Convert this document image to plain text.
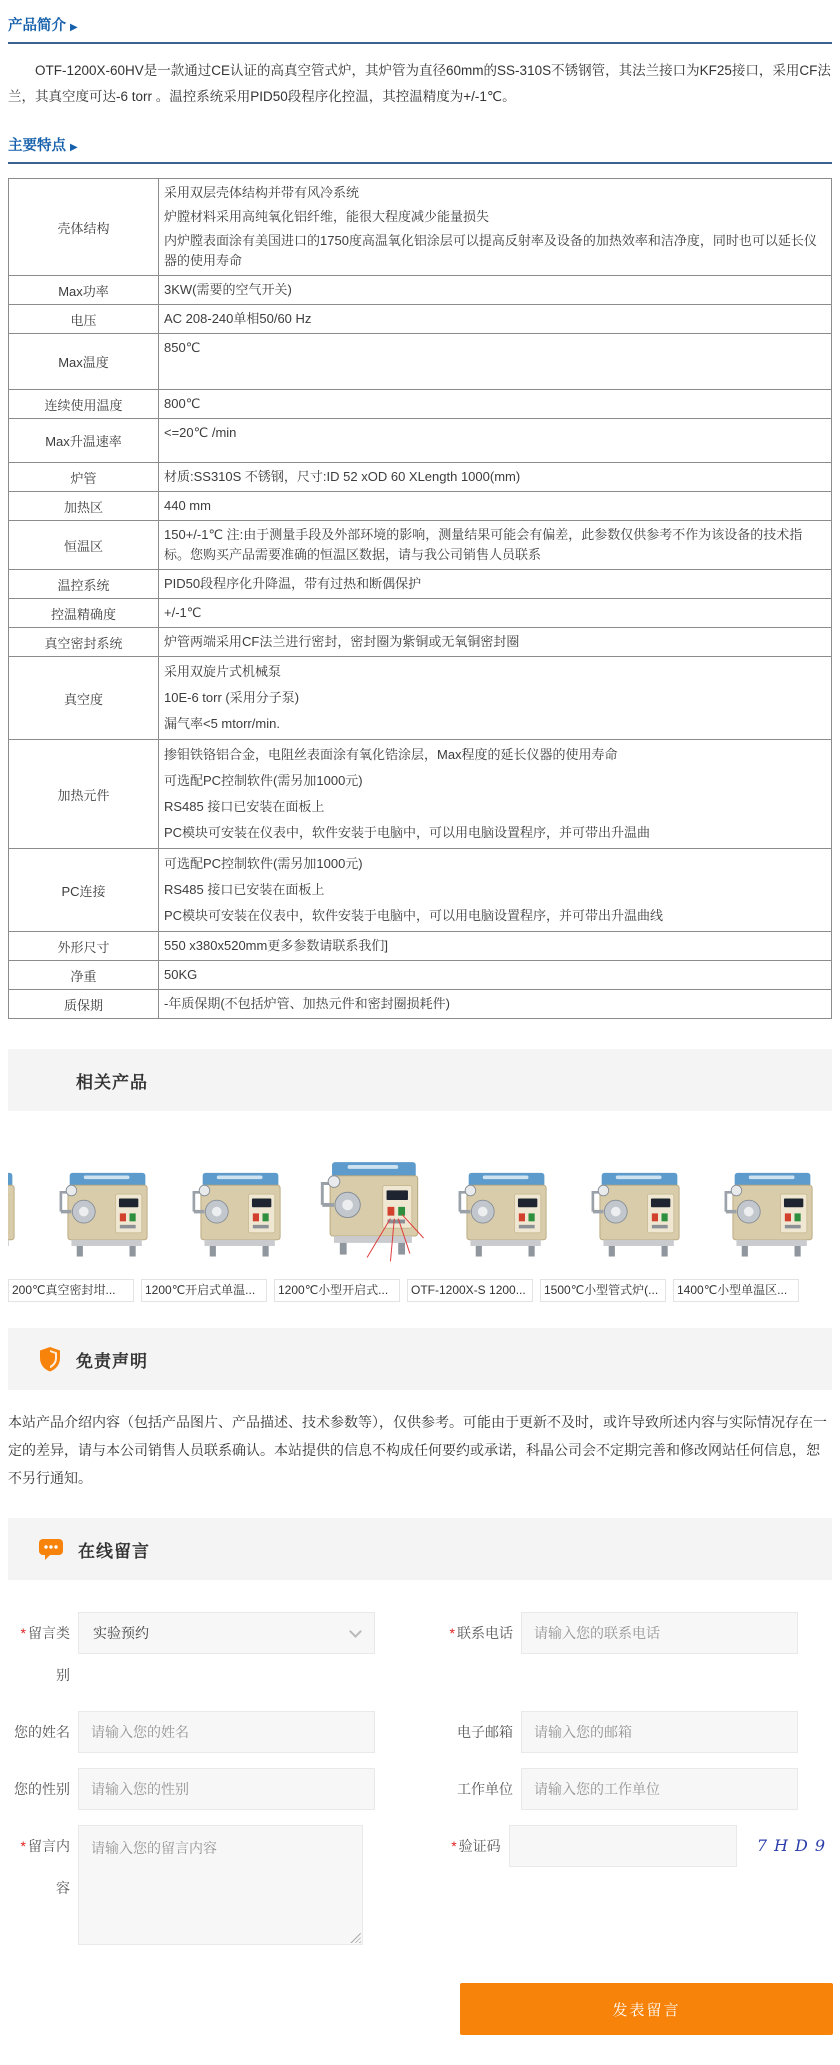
产品简介 ▶

OTF-1200X-60HV是一款通过CE认证的高真空管式炉，其炉管为直径60mm的SS-310S不锈钢管，其法兰接口为KF25接口，采用CF法兰，其真空度可达-6 torr 。温控系统采用PID50段程序化控温，其控温精度为+/-1℃。

主要特点 ▶
壳体结构	采用双层壳体结构并带有风冷系统
炉膛材料采用高纯氧化铝纤维，能很大程度减少能量损失
内炉膛表面涂有美国进口的1750度高温氧化铝涂层可以提高反射率及设备的加热效率和洁净度，同时也可以延长仪器的使用寿命

Max功率	3KW(需要的空气开关)

电压	AC 208-240单相50/60 Hz

Max温度	850℃

连续使用温度	800℃

Max升温速率	<=20℃ /min

炉管	材质:SS310S 不锈钢，尺寸:ID 52 xOD 60 XLength 1000(mm)

加热区	440 mm

恒温区	150+/-1℃ 注:由于测量手段及外部环境的影响，测量结果可能会有偏差，此参数仅供参考不作为该设备的技术指标。您购买产品需要准确的恒温区数据，请与我公司销售人员联系

温控系统	PID50段程序化升降温，带有过热和断偶保护

控温精确度	+/-1℃

真空密封系统	炉管两端采用CF法兰进行密封，密封圈为紫铜或无氧铜密封圈

真空度	采用双旋片式机械泵
10E-6 torr (采用分子泵)
漏气率<5 mtorr/min.

加热元件	掺钼铁铬铝合金，电阻丝表面涂有氧化锆涂层，Max程度的延长仪器的使用寿命
可选配PC控制软件(需另加1000元)
RS485 接口已安装在面板上
PC模块可安装在仪表中，软件安装于电脑中，可以用电脑设置程序，并可带出升温曲

PC连接	可选配PC控制软件(需另加1000元)
RS485 接口已安装在面板上
PC模块可安装在仪表中，软件安装于电脑中，可以用电脑设置程序，并可带出升温曲线

外形尺寸	550 x380x520mm更多参数请联系我们]

净重	50KG

质保期	-年质保期(不包括炉管、加热元件和密封圈损耗件)
相关产品
200℃真空密封坩...	1200℃开启式单温...	1200℃小型开启式...	OTF-1200X-S 1200...	1500℃小型管式炉(...	1400℃小型单温区...
免责声明

本站产品介绍内容（包括产品图片、产品描述、技术参数等），仅供参考。可能由于更新不及时，或许导致所述内容与实际情况存在一定的差异，请与本公司销售人员联系确认。本站提供的信息不构成任何要约或承诺，科晶公司会不定期完善和修改网站任何信息，恕不另行通知。

在线留言
* 留言类别
实验预约	* 联系电话
请输入您的联系电话
您的姓名
请输入您的姓名	电子邮箱
请输入您的邮箱
您的性别
请输入您的性别	工作单位
请输入您的工作单位
* 留言内容
请输入您的留言内容
* 验证码	7HD9
发表留言
